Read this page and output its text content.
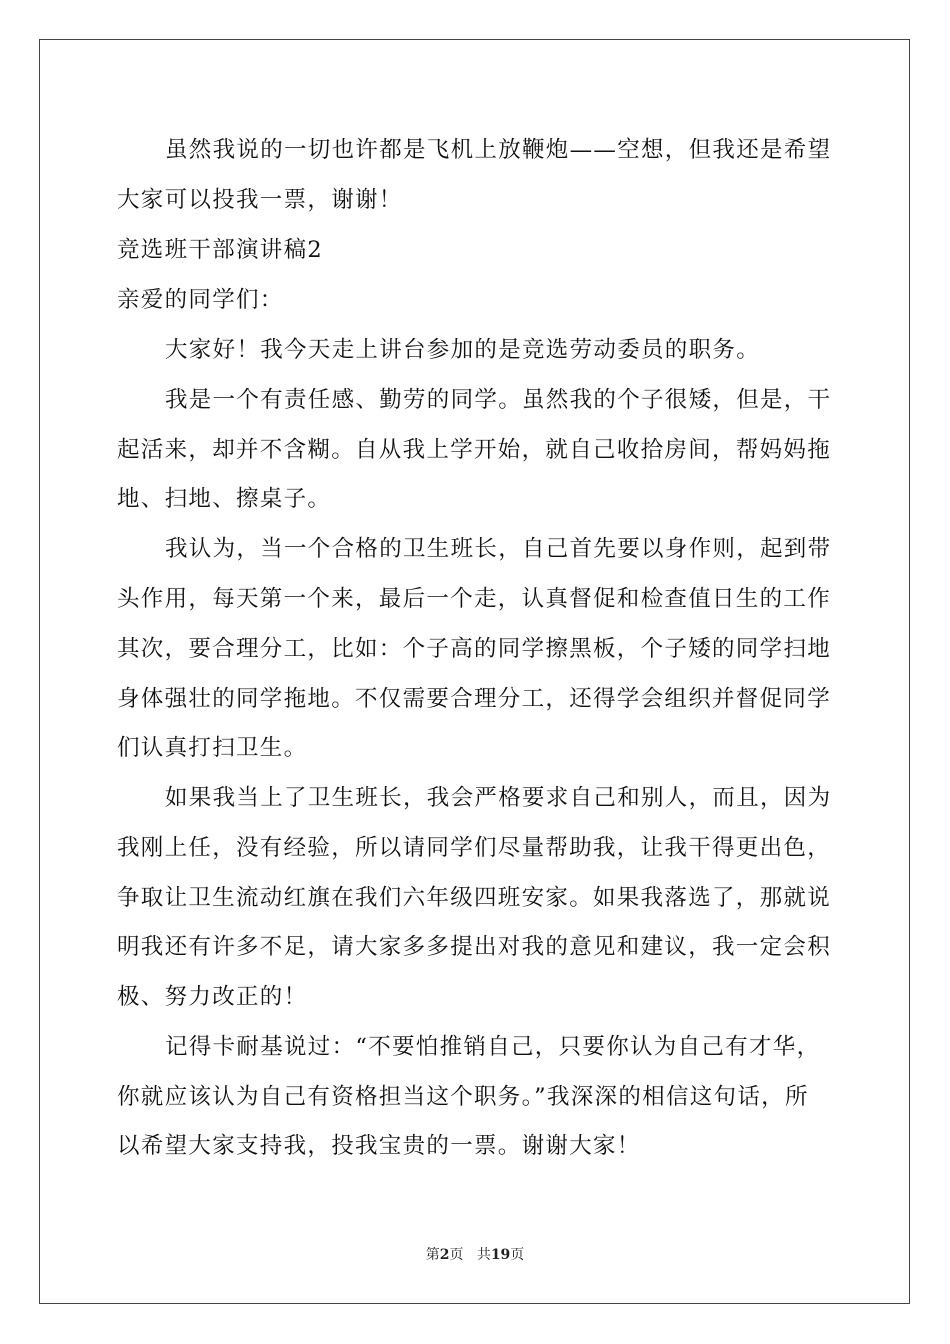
虽然我说的一切也许都是飞机上放鞭炮——空想，但我还是希望
大家可以投我一票，谢谢！
竞选班干部演讲稿2
亲爱的同学们：
大家好！我今天走上讲台参加的是竞选劳动委员的职务。
我是一个有责任感、勤劳的同学。虽然我的个子很矮，但是，干
起活来，却并不含糊。自从我上学开始，就自己收拾房间，帮妈妈拖
地、扫地、擦桌子。
我认为，当一个合格的卫生班长，自己首先要以身作则，起到带
头作用，每天第一个来，最后一个走，认真督促和检查值日生的工作
其次，要合理分工，比如：个子高的同学擦黑板，个子矮的同学扫地
身体强壮的同学拖地。不仅需要合理分工，还得学会组织并督促同学
们认真打扫卫生。
如果我当上了卫生班长，我会严格要求自己和别人，而且，因为
我刚上任，没有经验，所以请同学们尽量帮助我，让我干得更出色，
争取让卫生流动红旗在我们六年级四班安家。如果我落选了，那就说
明我还有许多不足，请大家多多提出对我的意见和建议，我一定会积
极、努力改正的！
记得卡耐基说过：“不要怕推销自己，只要你认为自己有才华，
你就应该认为自己有资格担当这个职务。”我深深的相信这句话，所
以希望大家支持我，投我宝贵的一票。谢谢大家！
第2页 共19页
